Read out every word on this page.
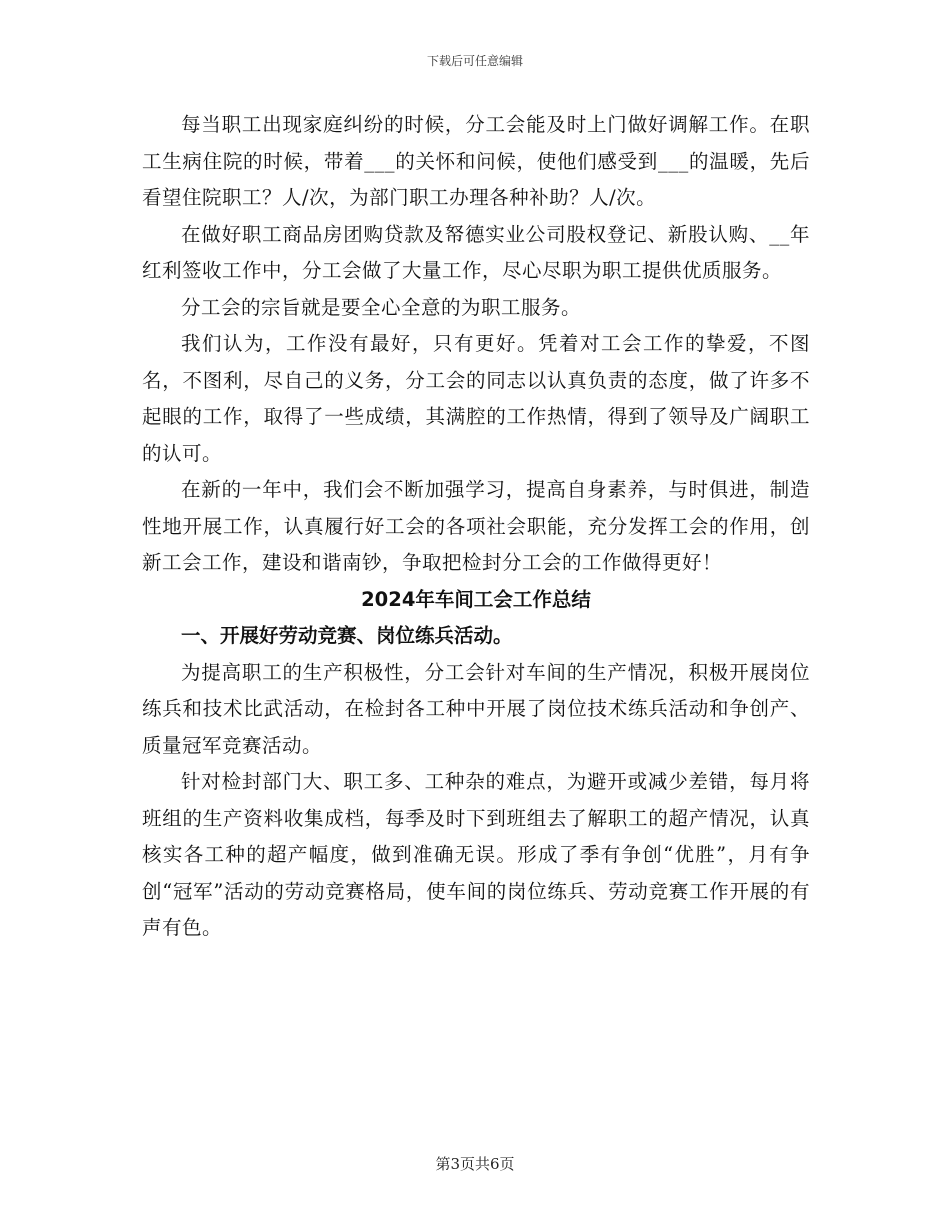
下载后可任意编辑

每当职工出现家庭纠纷的时候，分工会能及时上门做好调解工作。在职工生病住院的时候，带着___的关怀和问候，使他们感受到___的温暖，先后看望住院职工？人/次，为部门职工办理各种补助？人/次。

在做好职工商品房团购贷款及帑德实业公司股权登记、新股认购、__年红利签收工作中，分工会做了大量工作，尽心尽职为职工提供优质服务。

分工会的宗旨就是要全心全意的为职工服务。

我们认为，工作没有最好，只有更好。凭着对工会工作的挚爱，不图名，不图利，尽自己的义务，分工会的同志以认真负责的态度，做了许多不起眼的工作，取得了一些成绩，其满腔的工作热情，得到了领导及广阔职工的认可。

在新的一年中，我们会不断加强学习，提高自身素养，与时俱进，制造性地开展工作，认真履行好工会的各项社会职能，充分发挥工会的作用，创新工会工作，建设和谐南钞，争取把检封分工会的工作做得更好！

2024年车间工会工作总结

一、开展好劳动竞赛、岗位练兵活动。

为提高职工的生产积极性，分工会针对车间的生产情况，积极开展岗位练兵和技术比武活动，在检封各工种中开展了岗位技术练兵活动和争创产、质量冠军竞赛活动。

针对检封部门大、职工多、工种杂的难点，为避开或减少差错，每月将班组的生产资料收集成档，每季及时下到班组去了解职工的超产情况，认真核实各工种的超产幅度，做到准确无误。形成了季有争创“优胜”，月有争创“冠军”活动的劳动竞赛格局，使车间的岗位练兵、劳动竞赛工作开展的有声有色。

第3页共6页
